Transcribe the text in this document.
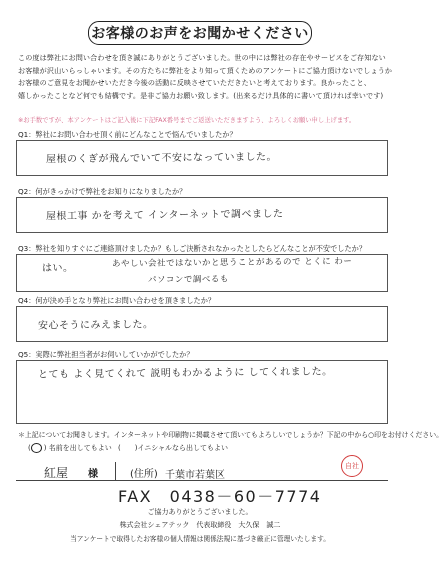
お客様のお声をお聞かせください
この度は弊社にお問い合わせを頂き誠にありがとうございました。世の中には弊社の存在やサービスをご存知ない
お客様が沢山いらっしゃいます。その方たちに弊社をより知って頂くためのアンケートにご協力頂けないでしょうか
お客様のご意見をお聞かせいただき今後の活動に反映させていただきたいと考えております。良かったこと、
嬉しかったことなど何でも結構です。是非ご協力お願い致します。(出来るだけ具体的に書いて頂ければ幸いです)
※お手数ですが、本アンケートはご記入後に下記FAX番号までご返送いただきますよう、よろしくお願い申し上げます。
Q1：弊社にお問い合わせ頂く前にどんなことで悩んでいましたか？
屋根のくぎが飛んでいて不安になっていました。
Q2：何がきっかけで弊社をお知りになりましたか？
屋根工事 かを考えて インターネットで調べました
Q3：弊社を知りすぐにご連絡頂けましたか？もしご決断されなかったとしたらどんなことが不安でしたか？
はい。	あやしい会社ではないかと思うことがあるので とくに わー
パソコンで調べるも
Q4：何が決め手となり弊社にお問い合わせを頂きましたか？
安心そうにみえました。
Q5：実際に弊社担当者がお伺いしていかがでしたか？
とても よく見てくれて 説明もわかるように してくれました。
＊上記についてお聞きします。インターネットや印刷物に掲載させて頂いてもよろしいでしょうか？下記の中から○印をお付けください。
( ) 名前を出してもよい (　　)イニシャルなら出してもよい
紅屋 様	(住所) 千葉市若葉区
自社
FAX　0438－60－7774
ご協力ありがとうございました。
株式会社シェアテック　代表取締役　大久保　誠二
当アンケートで取得したお客様の個人情報は関係法規に基づき厳正に管理いたします。
